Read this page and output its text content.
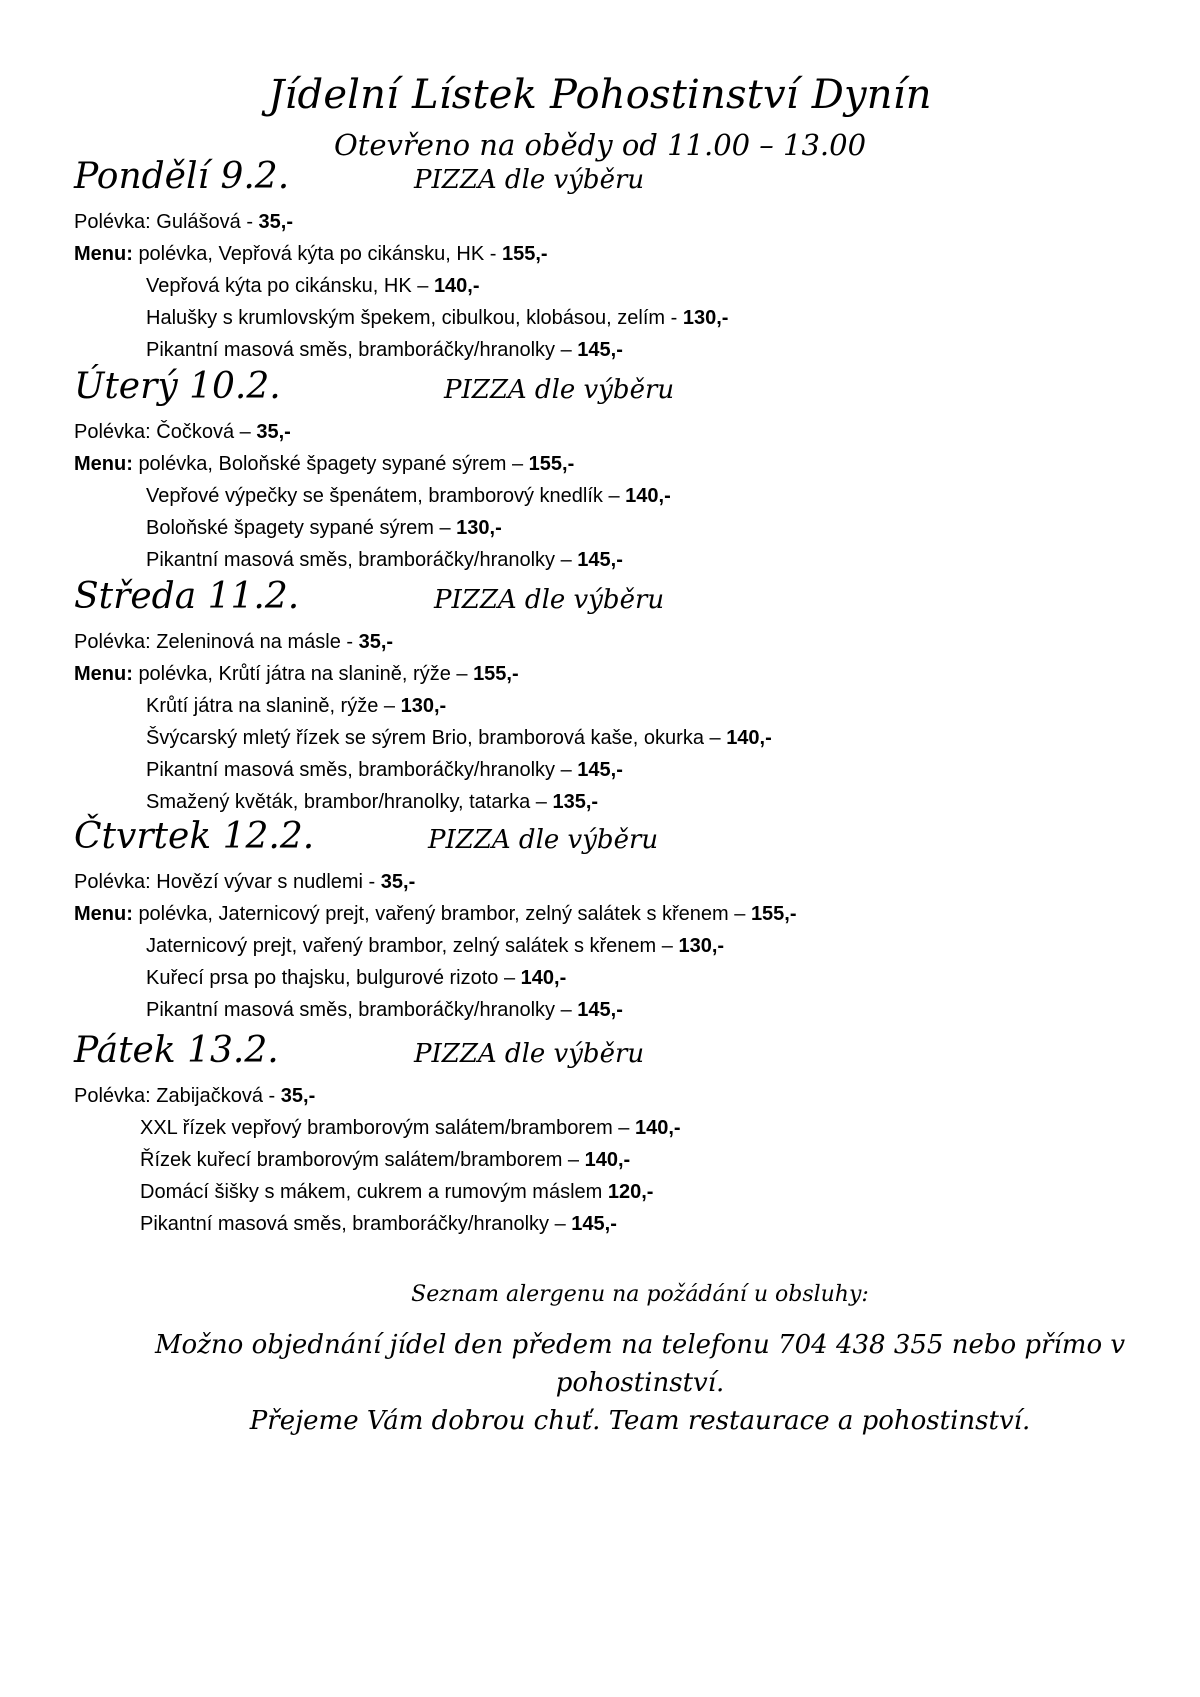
Jídelní Lístek Pohostinství Dynín
Otevřeno na obědy od 11.00 – 13.00
Pondělí 9.2.	PIZZA dle výběru
Polévka: Gulášová - 35,-
Menu: polévka, Vepřová kýta po cikánsku, HK - 155,-
Vepřová kýta po cikánsku, HK – 140,-
Halušky s krumlovským špekem, cibulkou, klobásou, zelím - 130,-
Pikantní masová směs, bramboráčky/hranolky – 145,-
Úterý 10.2.	PIZZA dle výběru
Polévka: Čočková – 35,-
Menu: polévka, Boloňské špagety sypané sýrem – 155,-
Vepřové výpečky se špenátem, bramborový knedlík – 140,-
Boloňské špagety sypané sýrem – 130,-
Pikantní masová směs, bramboráčky/hranolky – 145,-
Středa 11.2.	PIZZA dle výběru
Polévka: Zeleninová na másle - 35,-
Menu: polévka, Krůtí játra na slanině, rýže – 155,-
Krůtí játra na slanině, rýže – 130,-
Švýcarský mletý řízek se sýrem Brio, bramborová kaše, okurka – 140,-
Pikantní masová směs, bramboráčky/hranolky – 145,-
Smažený květák, brambor/hranolky, tatarka – 135,-
Čtvrtek 12.2.	PIZZA dle výběru
Polévka: Hovězí vývar s nudlemi - 35,-
Menu: polévka, Jaternicový prejt, vařený brambor, zelný salátek s křenem – 155,-
Jaternicový prejt, vařený brambor, zelný salátek s křenem – 130,-
Kuřecí prsa po thajsku, bulgurové rizoto – 140,-
Pikantní masová směs, bramboráčky/hranolky – 145,-
Pátek 13.2.	PIZZA dle výběru
Polévka: Zabijačková - 35,-
XXL řízek vepřový bramborovým salátem/bramborem – 140,-
Řízek kuřecí bramborovým salátem/bramborem – 140,-
Domácí šišky s mákem, cukrem a rumovým máslem 120,-
Pikantní masová směs, bramboráčky/hranolky – 145,-
Seznam alergenu na požádání u obsluhy:
Možno objednání jídel den předem na telefonu 704 438 355 nebo přímo v
pohostinství.
Přejeme Vám dobrou chuť. Team restaurace a pohostinství.
